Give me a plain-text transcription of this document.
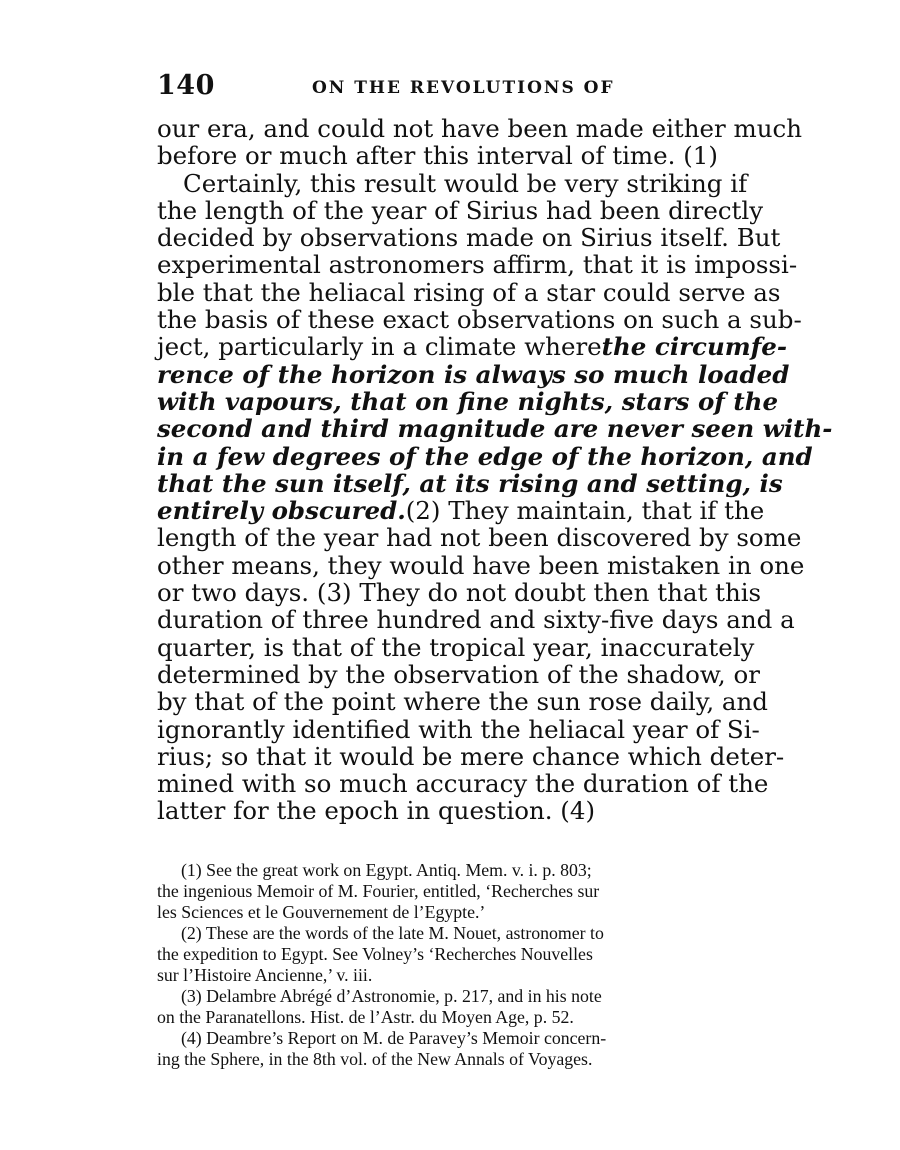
140	ON THE REVOLUTIONS OF
our era, and could not have been made either much
before or much after this interval of time. (1)
Certainly, this result would be very striking if
the length of the year of Sirius had been directly
decided by observations made on Sirius itself. But
experimental astronomers affirm, that it is impossi-
ble that the heliacal rising of a star could serve as
the basis of these exact observations on such a sub-
ject, particularly in a climate where the circumfe-
rence of the horizon is always so much loaded
with vapours, that on fine nights, stars of the
second and third magnitude are never seen with-
in a few degrees of the edge of the horizon, and
that the sun itself, at its rising and setting, is
entirely obscured. (2) They maintain, that if the
length of the year had not been discovered by some
other means, they would have been mistaken in one
or two days. (3) They do not doubt then that this
duration of three hundred and sixty-five days and a
quarter, is that of the tropical year, inaccurately
determined by the observation of the shadow, or
by that of the point where the sun rose daily, and
ignorantly identified with the heliacal year of Si-
rius; so that it would be mere chance which deter-
mined with so much accuracy the duration of the
latter for the epoch in question. (4)
(1) See the great work on Egypt. Antiq. Mem. v. i. p. 803;
the ingenious Memoir of M. Fourier, entitled, ‘Recherches sur
les Sciences et le Gouvernement de l’Egypte.’
(2) These are the words of the late M. Nouet, astronomer to
the expedition to Egypt. See Volney’s ‘Recherches Nouvelles
sur l’Histoire Ancienne,’ v. iii.
(3) Delambre Abrégé d’Astronomie, p. 217, and in his note
on the Paranatellons. Hist. de l’Astr. du Moyen Age, p. 52.
(4) Deambre’s Report on M. de Paravey’s Memoir concern-
ing the Sphere, in the 8th vol. of the New Annals of Voyages.
